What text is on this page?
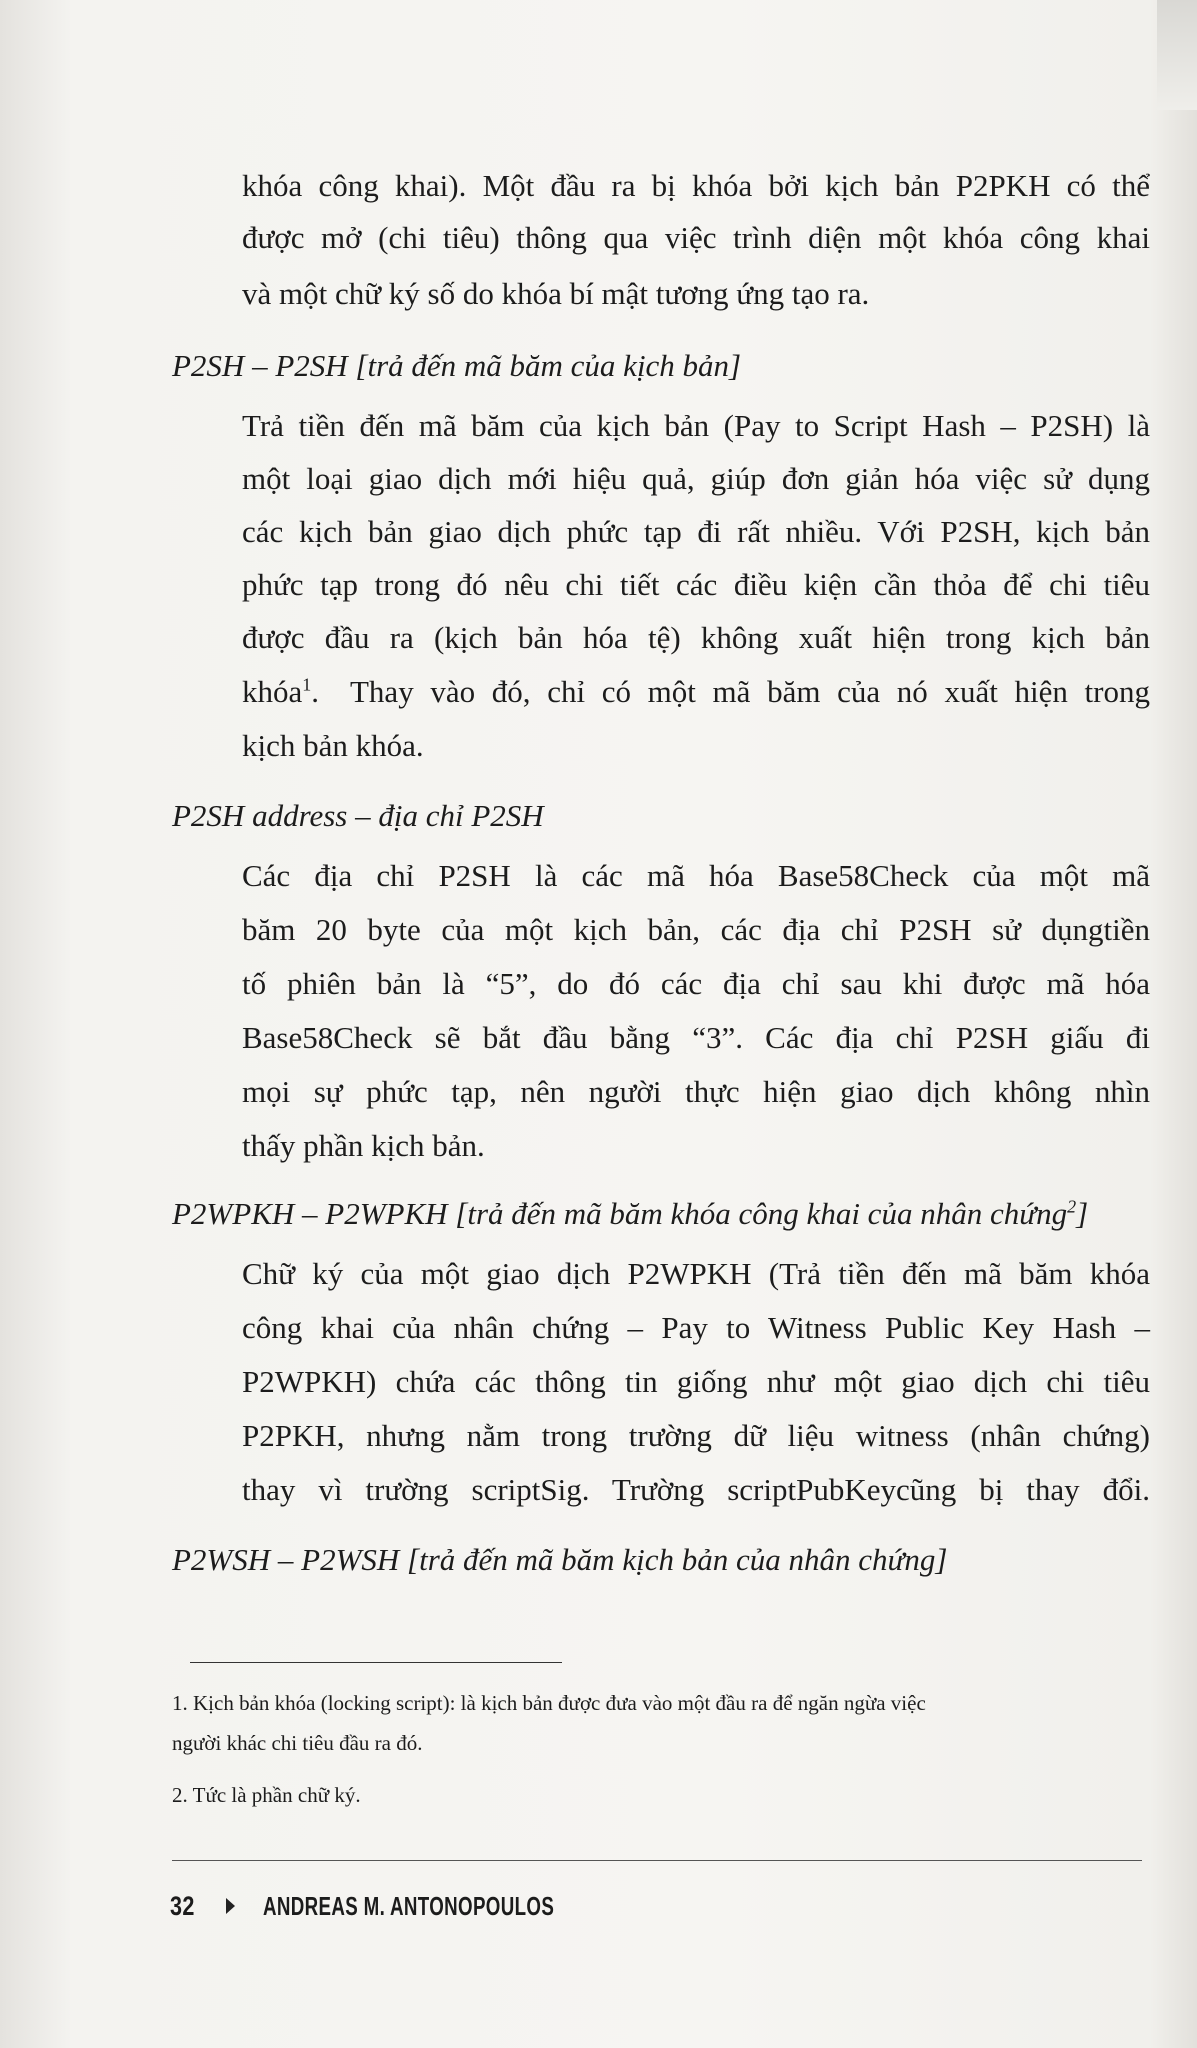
khóa công khai). Một đầu ra bị khóa bởi kịch bản P2PKH có thể
được mở (chi tiêu) thông qua việc trình diện một khóa công khai
và một chữ ký số do khóa bí mật tương ứng tạo ra.
P2SH – P2SH [trả đến mã băm của kịch bản]
Trả tiền đến mã băm của kịch bản (Pay to Script Hash – P2SH) là
một loại giao dịch mới hiệu quả, giúp đơn giản hóa việc sử dụng
các kịch bản giao dịch phức tạp đi rất nhiều. Với P2SH, kịch bản
phức tạp trong đó nêu chi tiết các điều kiện cần thỏa để chi tiêu
được đầu ra (kịch bản hóa tệ) không xuất hiện trong kịch bản
khóa$^1$. Thay vào đó, chỉ có một mã băm của nó xuất hiện trong
kịch bản khóa.
P2SH address – địa chỉ P2SH
Các địa chỉ P2SH là các mã hóa Base58Check của một mã
băm 20 byte của một kịch bản, các địa chỉ P2SH sử dụngtiền
tố phiên bản là “5”, do đó các địa chỉ sau khi được mã hóa
Base58Check sẽ bắt đầu bằng “3”. Các địa chỉ P2SH giấu đi
mọi sự phức tạp, nên người thực hiện giao dịch không nhìn
thấy phần kịch bản.
P2WPKH – P2WPKH [trả đến mã băm khóa công khai của nhân chứng$^2$]
Chữ ký của một giao dịch P2WPKH (Trả tiền đến mã băm khóa
công khai của nhân chứng – Pay to Witness Public Key Hash –
P2WPKH) chứa các thông tin giống như một giao dịch chi tiêu
P2PKH, nhưng nằm trong trường dữ liệu witness (nhân chứng)
thay vì trường scriptSig. Trường scriptPubKeycũng bị thay đổi.
P2WSH – P2WSH [trả đến mã băm kịch bản của nhân chứng]
1. Kịch bản khóa (locking script): là kịch bản được đưa vào một đầu ra để ngăn ngừa việc
người khác chi tiêu đầu ra đó.
2. Tức là phần chữ ký.
32	ANDREAS M. ANTONOPOULOS
